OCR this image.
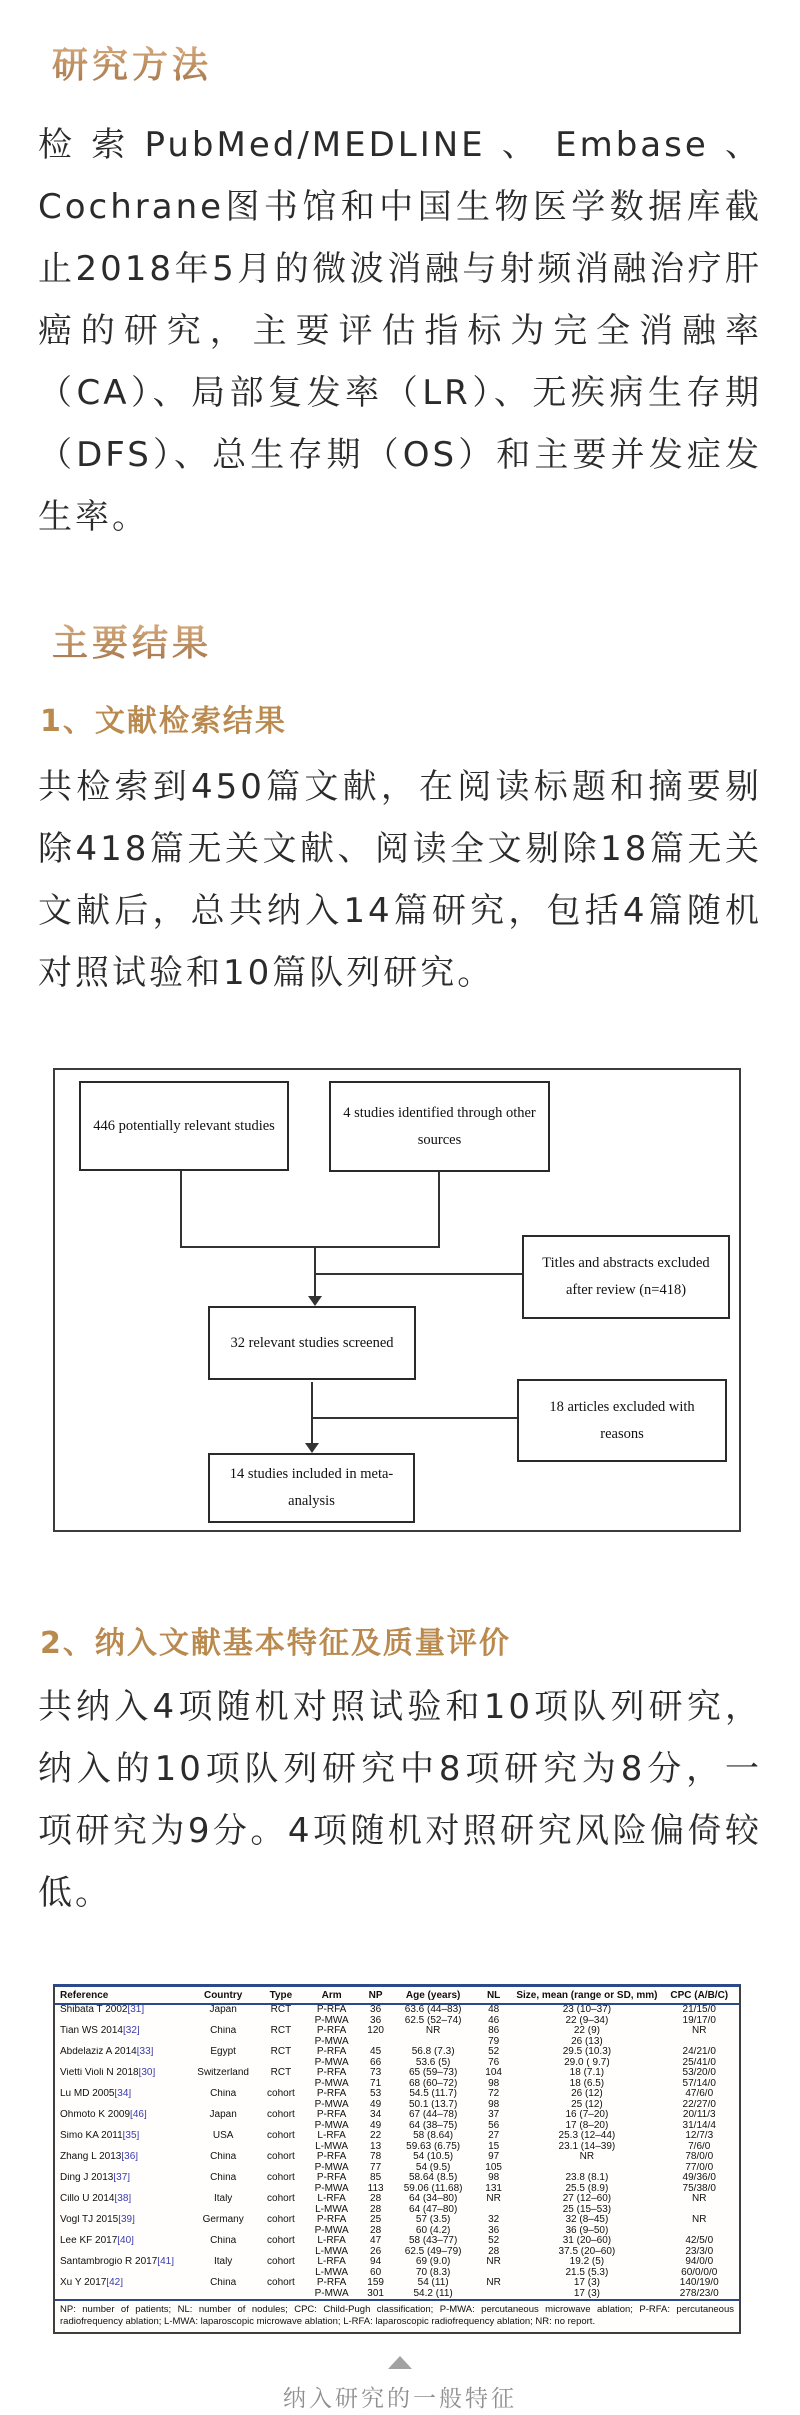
研究方法

检索PubMed/MEDLINE、Embase、Cochrane图书馆和中国生物医学数据库截止2018年5月的微波消融与射频消融治疗肝癌的研究，主要评估指标为完全消融率（CA）、局部复发率（LR）、无疾病生存期（DFS）、总生存期（OS）和主要并发症发生率。

主要结果
1、文献检索结果

共检索到450篇文献，在阅读标题和摘要剔除418篇无关文献、阅读全文剔除18篇无关文献后，总共纳入14篇研究，包括4篇随机对照试验和10篇队列研究。

446 potentially relevant studies
4 studies identified through other sources
Titles and abstracts excluded after review (n=418)
32 relevant studies screened
18 articles excluded with reasons
14 studies included in meta-analysis
2、纳入文献基本特征及质量评价

共纳入4项随机对照试验和10项队列研究，纳入的10项队列研究中8项研究为8分，一项研究为9分。4项随机对照研究风险偏倚较低。

Reference	Country	Type	Arm	NP	Age (years)	NL	Size, mean (range or SD, mm)	CPC (A/B/C)
Shibata T 2002[31]	Japan	RCT	P-RFA	36	63.6 (44–83)	48	23 (10–37)	21/15/0
			P-MWA	36	62.5 (52–74)	46	22 (9–34)	19/17/0
Tian WS 2014[32]	China	RCT	P-RFA	120	NR	86	22 (9)	NR
			P-MWA			79	26 (13)	
Abdelaziz A 2014[33]	Egypt	RCT	P-RFA	45	56.8 (7.3)	52	29.5 (10.3)	24/21/0
			P-MWA	66	53.6 (5)	76	29.0 ( 9.7)	25/41/0
Vietti Violi N 2018[30]	Switzerland	RCT	P-RFA	73	65 (59–73)	104	18 (7.1)	53/20/0
			P-MWA	71	68 (60–72)	98	18 (6.5)	57/14/0
Lu MD 2005[34]	China	cohort	P-RFA	53	54.5 (11.7)	72	26 (12)	47/6/0
			P-MWA	49	50.1 (13.7)	98	25 (12)	22/27/0
Ohmoto K 2009[46]	Japan	cohort	P-RFA	34	67 (44–78)	37	16 (7–20)	20/11/3
			P-MWA	49	64 (38–75)	56	17 (8–20)	31/14/4
Simo KA 2011[35]	USA	cohort	L-RFA	22	58 (8.64)	27	25.3 (12–44)	12/7/3
			L-MWA	13	59.63 (6.75)	15	23.1 (14–39)	7/6/0
Zhang L 2013[36]	China	cohort	P-RFA	78	54 (10.5)	97	NR	78/0/0
			P-MWA	77	54 (9.5)	105		77/0/0
Ding J 2013[37]	China	cohort	P-RFA	85	58.64 (8.5)	98	23.8 (8.1)	49/36/0
			P-MWA	113	59.06 (11.68)	131	25.5 (8.9)	75/38/0
Cillo U 2014[38]	Italy	cohort	L-RFA	28	64 (34–80)	NR	27 (12–60)	NR
			L-MWA	28	64 (47–80)		25 (15–53)	
Vogl TJ 2015[39]	Germany	cohort	P-RFA	25	57 (3.5)	32	32 (8–45)	NR
			P-MWA	28	60 (4.2)	36	36 (9–50)	
Lee KF 2017[40]	China	cohort	L-RFA	47	58 (43–77)	52	31 (20–60)	42/5/0
			L-MWA	26	62.5 (49–79)	28	37.5 (20–60)	23/3/0
Santambrogio R 2017[41]	Italy	cohort	L-RFA	94	69 (9.0)	NR	19.2 (5)	94/0/0
			L-MWA	60	70 (8.3)		21.5 (5.3)	60/0/0/0
Xu Y 2017[42]	China	cohort	P-RFA	159	54 (11)	NR	17 (3)	140/19/0
			P-MWA	301	54.2 (11)		17 (3)	278/23/0
NP: number of patients; NL: number of nodules; CPC: Child-Pugh classification; P-MWA: percutaneous microwave ablation; P-RFA: percutaneous radiofrequency ablation; L-MWA: laparoscopic microwave ablation; L-RFA: laparoscopic radiofrequency ablation; NR: no report.
纳入研究的一般特征
